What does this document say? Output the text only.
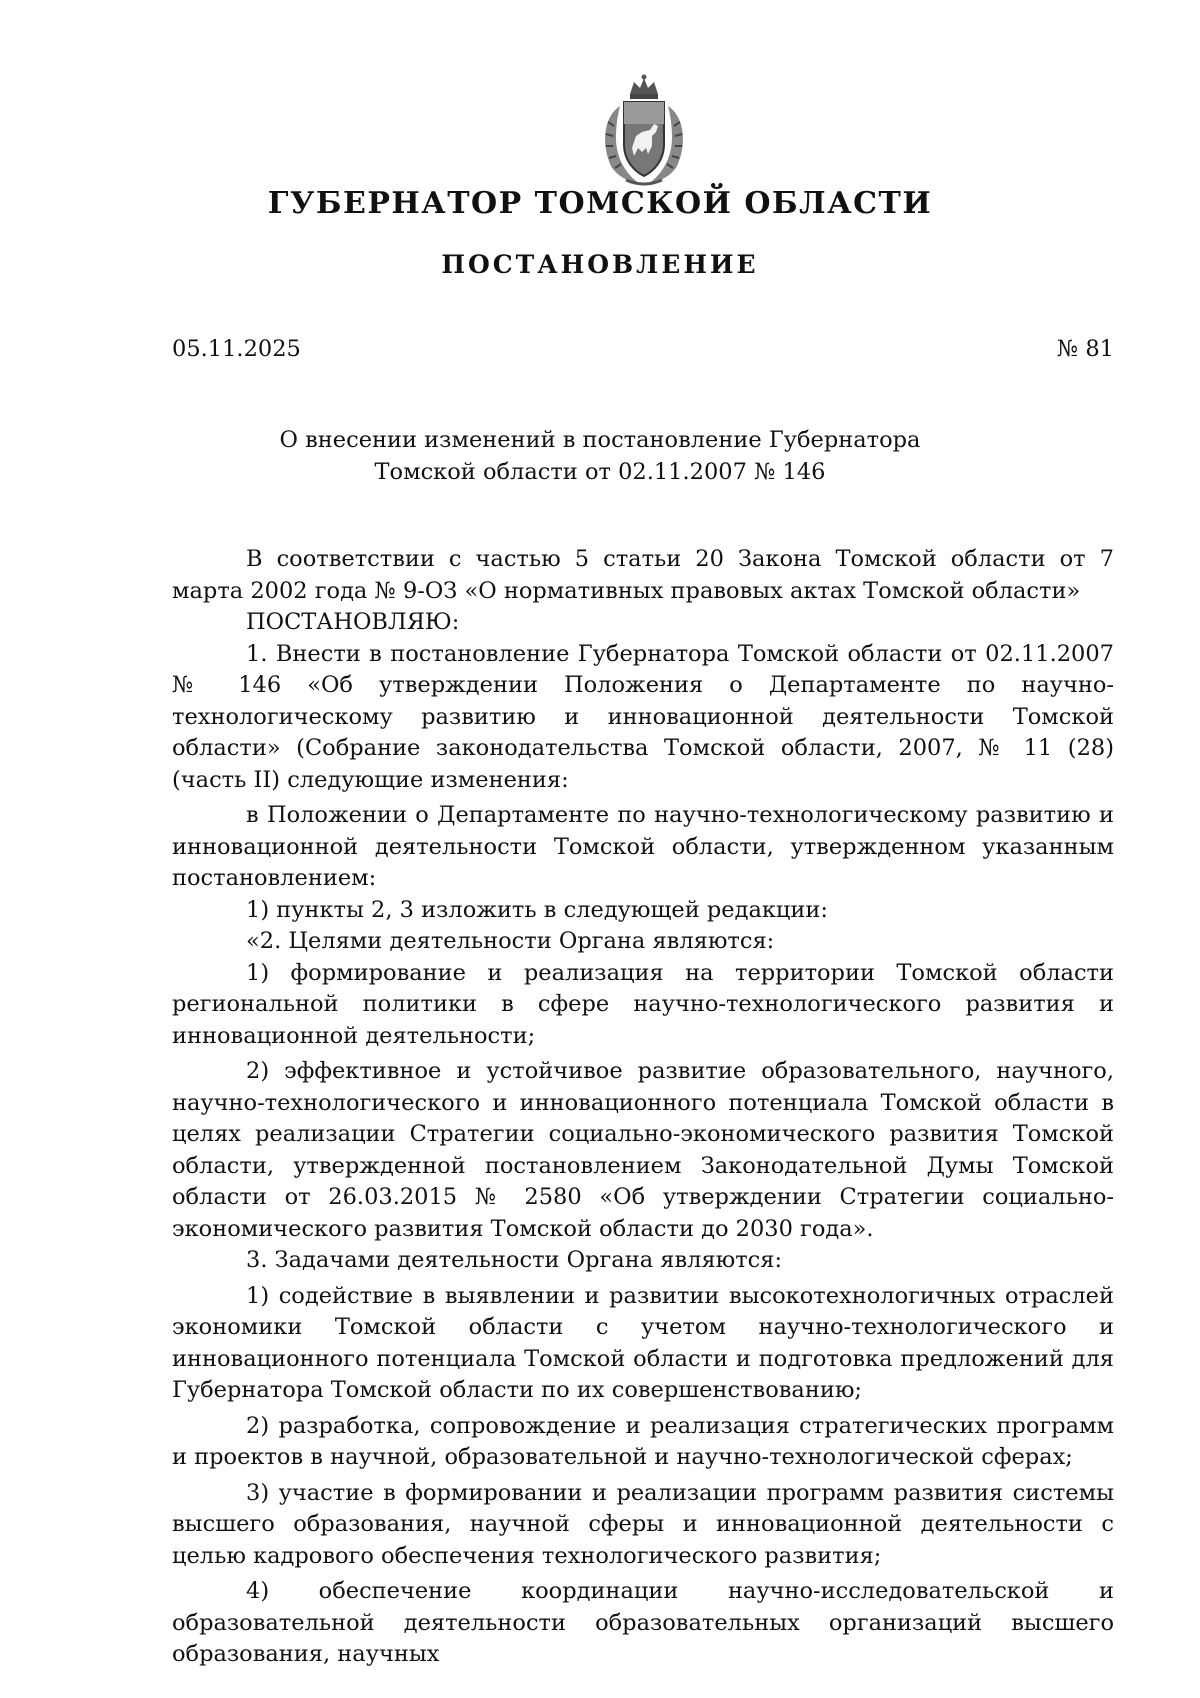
ГУБЕРНАТОР ТОМСКОЙ ОБЛАСТИ
ПОСТАНОВЛЕНИЕ
05.11.2025	№ 81
О внесении изменений в постановление Губернатора
Томской области от 02.11.2007 № 146

В соответствии с частью 5 статьи 20 Закона Томской области от 7 марта 2002 года № 9-ОЗ «О нормативных правовых актах Томской области»

ПОСТАНОВЛЯЮ:

1. Внести в постановление Губернатора Томской области от 02.11.2007 № 146 «Об утверждении Положения о Департаменте по научно-технологическому развитию и инновационной деятельности Томской области» (Собрание законодательства Томской области, 2007, № 11 (28) (часть II) следующие изменения:

в Положении о Департаменте по научно-технологическому развитию и инновационной деятельности Томской области, утвержденном указанным постановлением:

1) пункты 2, 3 изложить в следующей редакции:

«2. Целями деятельности Органа являются:

1) формирование и реализация на территории Томской области региональной политики в сфере научно-технологического развития и инновационной деятельности;

2) эффективное и устойчивое развитие образовательного, научного, научно-технологического и инновационного потенциала Томской области в целях реализации Стратегии социально-экономического развития Томской области, утвержденной постановлением Законодательной Думы Томской области от 26.03.2015 № 2580 «Об утверждении Стратегии социально-экономического развития Томской области до 2030 года».

3. Задачами деятельности Органа являются:

1) содействие в выявлении и развитии высокотехнологичных отраслей экономики Томской области с учетом научно-технологического и инновационного потенциала Томской области и подготовка предложений для Губернатора Томской области по их совершенствованию;

2) разработка, сопровождение и реализация стратегических программ и проектов в научной, образовательной и научно-технологической сферах;

3) участие в формировании и реализации программ развития системы высшего образования, научной сферы и инновационной деятельности с целью кадрового обеспечения технологического развития;

4) обеспечение координации научно-исследовательской и образовательной деятельности образовательных организаций высшего образования, научных
